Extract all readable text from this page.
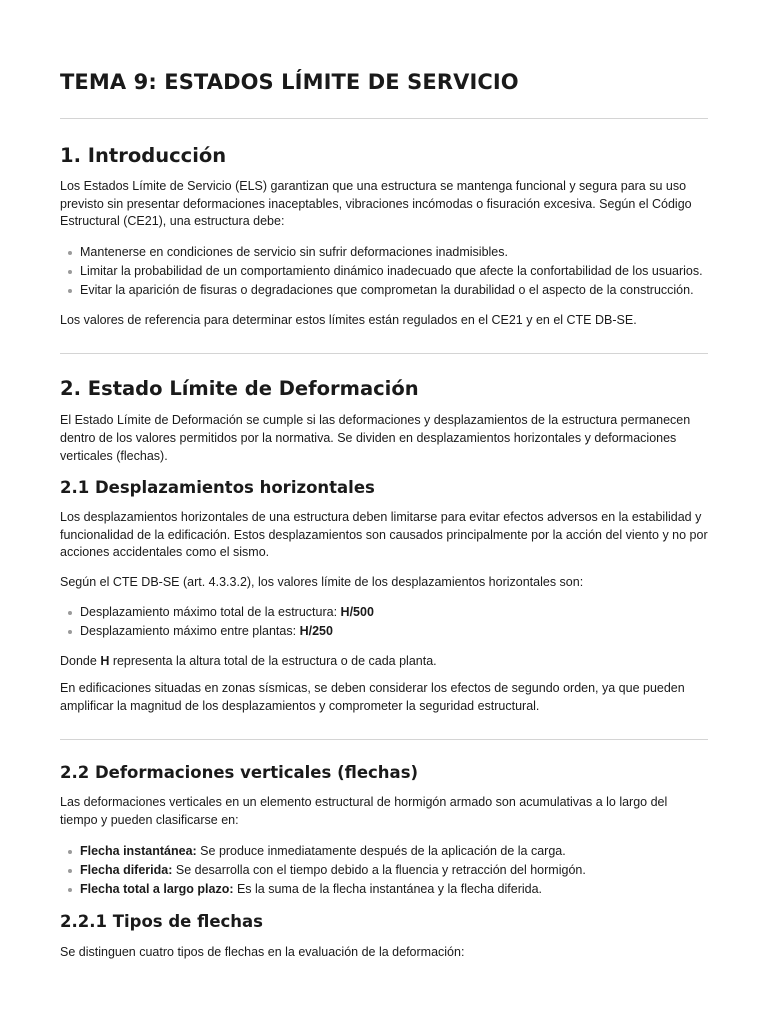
TEMA 9: ESTADOS LÍMITE DE SERVICIO
1. Introducción

Los Estados Límite de Servicio (ELS) garantizan que una estructura se mantenga funcional y segura para su uso previsto sin presentar deformaciones inaceptables, vibraciones incómodas o fisuración excesiva. Según el Código Estructural (CE21), una estructura debe:

Mantenerse en condiciones de servicio sin sufrir deformaciones inadmisibles.
Limitar la probabilidad de un comportamiento dinámico inadecuado que afecte la confortabilidad de los usuarios.
Evitar la aparición de fisuras o degradaciones que comprometan la durabilidad o el aspecto de la construcción.

Los valores de referencia para determinar estos límites están regulados en el CE21 y en el CTE DB-SE.

2. Estado Límite de Deformación

El Estado Límite de Deformación se cumple si las deformaciones y desplazamientos de la estructura permanecen dentro de los valores permitidos por la normativa. Se dividen en desplazamientos horizontales y deformaciones verticales (flechas).

2.1 Desplazamientos horizontales

Los desplazamientos horizontales de una estructura deben limitarse para evitar efectos adversos en la estabilidad y funcionalidad de la edificación. Estos desplazamientos son causados principalmente por la acción del viento y no por acciones accidentales como el sismo.

Según el CTE DB-SE (art. 4.3.3.2), los valores límite de los desplazamientos horizontales son:

Desplazamiento máximo total de la estructura: H/500
Desplazamiento máximo entre plantas: H/250

Donde H representa la altura total de la estructura o de cada planta.

En edificaciones situadas en zonas sísmicas, se deben considerar los efectos de segundo orden, ya que pueden amplificar la magnitud de los desplazamientos y comprometer la seguridad estructural.

2.2 Deformaciones verticales (flechas)

Las deformaciones verticales en un elemento estructural de hormigón armado son acumulativas a lo largo del tiempo y pueden clasificarse en:

Flecha instantánea: Se produce inmediatamente después de la aplicación de la carga.
Flecha diferida: Se desarrolla con el tiempo debido a la fluencia y retracción del hormigón.
Flecha total a largo plazo: Es la suma de la flecha instantánea y la flecha diferida.
2.2.1 Tipos de flechas

Se distinguen cuatro tipos de flechas en la evaluación de la deformación:
